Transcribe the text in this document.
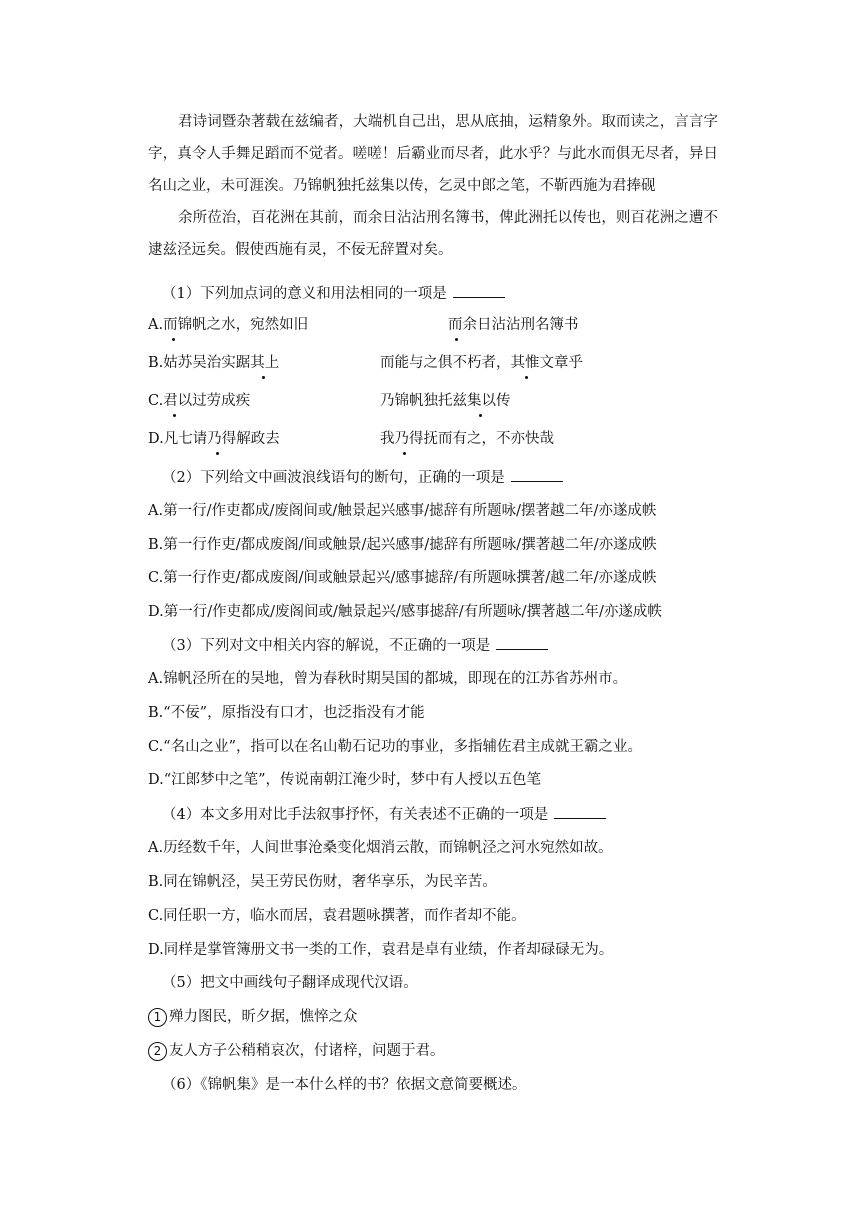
君诗词暨杂著载在兹编者，大端机自己出，思从底抽，运精象外。取而读之，言言字字，真令人手舞足蹈而不觉者。嗟嗟！后霸业而尽者，此水乎？与此水而俱无尽者，异日名山之业，未可涯涘。乃锦帆独托兹集以传，乞灵中郎之笔，不靳西施为君捧砚

余所莅治，百花洲在其前，而余日沾沾刑名簿书，俾此洲托以传也，则百花洲之遭不逮兹泾远矣。假使西施有灵，不佞无辞置对矣。

（1）下列加点词的意义和用法相同的一项是
A.而锦帆之水，宛然如旧	而余日沾沾刑名簿书
B.姑苏吴治实踞其上	而能与之俱不朽者，其惟文章乎
C.君以过劳成疾	乃锦帆独托兹集以传
D.凡七请乃得解政去	我乃得抚而有之，不亦快哉
（2）下列给文中画波浪线语句的断句，正确的一项是
A.第一行/作吏都成/废阁间或/触景起兴感事/摅辞有所题咏/摆著越二年/亦遂成帙
B.第一行作吏/都成废阁/间或触景/起兴感事/摅辞有所题咏/撰著越二年/亦遂成帙
C.第一行作吏/都成废阁/间或触景起兴/感事摅辞/有所题咏撰著/越二年/亦遂成帙
D.第一行/作吏都成/废阁间或/触景起兴/感事摅辞/有所题咏/撰著越二年/亦遂成帙
（3）下列对文中相关内容的解说，不正确的一项是
A.锦帆泾所在的吴地，曾为春秋时期吴国的都城，即现在的江苏省苏州市。
B.“不佞”，原指没有口才，也泛指没有才能
C.“名山之业”，指可以在名山勒石记功的事业，多指辅佐君主成就王霸之业。
D.“江郎梦中之笔”，传说南朝江淹少时，梦中有人授以五色笔
（4）本文多用对比手法叙事抒怀，有关表述不正确的一项是
A.历经数千年，人间世事沧桑变化烟消云散，而锦帆泾之河水宛然如故。
B.同在锦帆泾，吴王劳民伤财，奢华享乐，为民辛苦。
C.同任职一方，临水而居，袁君题咏撰著，而作者却不能。
D.同样是掌管簿册文书一类的工作，袁君是卓有业绩，作者却碌碌无为。
（5）把文中画线句子翻译成现代汉语。
1 殚力图民，昕夕据，憔悴之众
2 友人方子公稍稍哀次，付诸梓，问题于君。
（6）《锦帆集》是一本什么样的书？依据文意简要概述。
